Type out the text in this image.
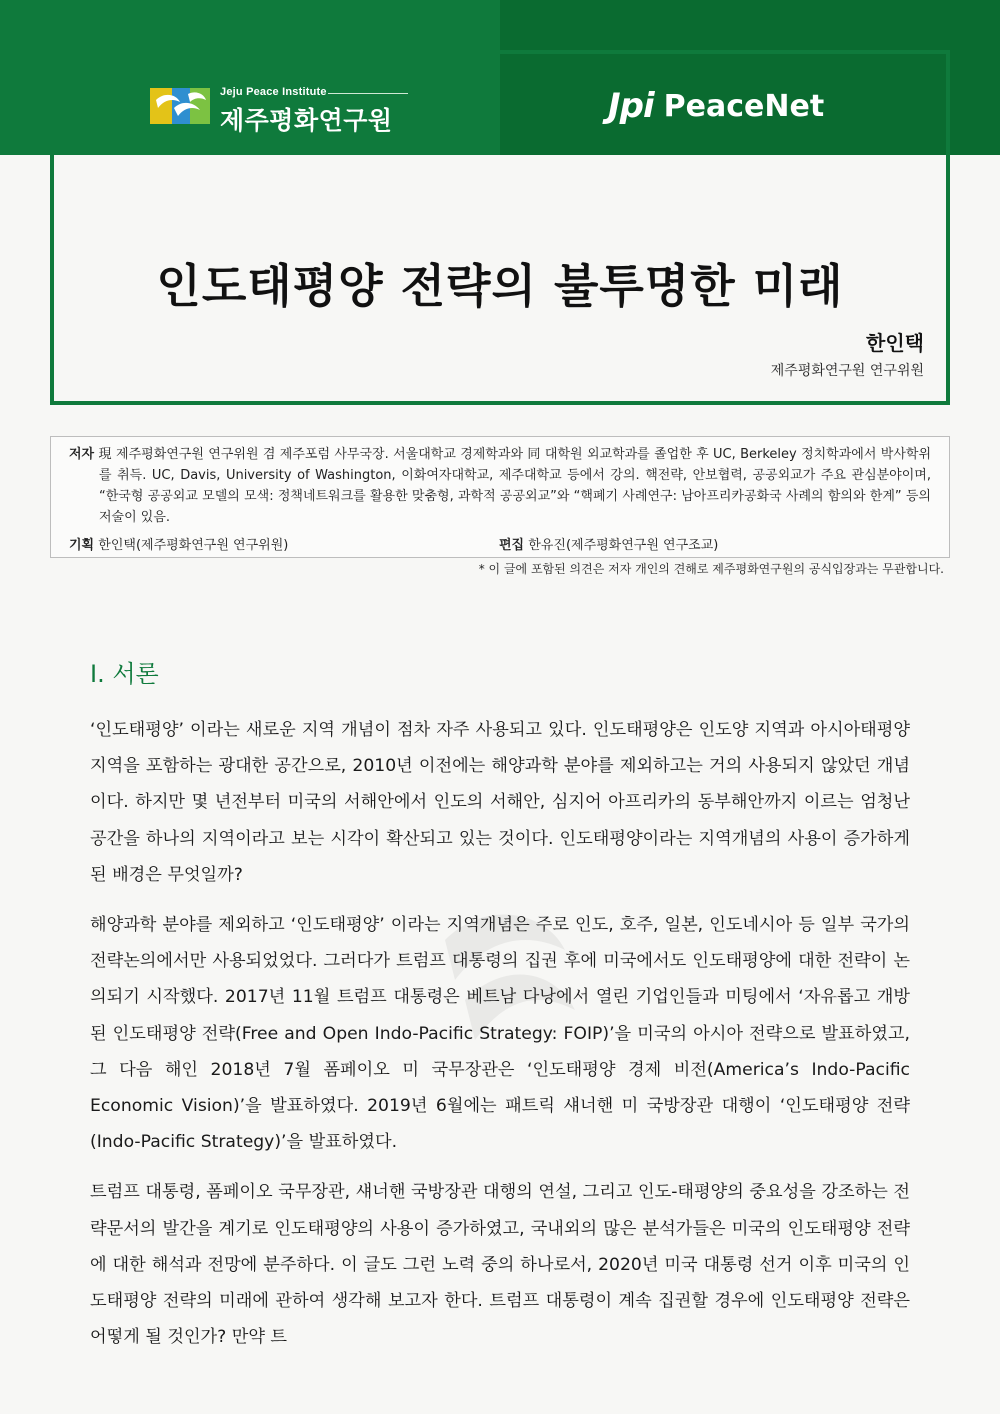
Jeju Peace Institute
제주평화연구원	Jpi PeaceNet
인도태평양 전략의 불투명한 미래
한인택
제주평화연구원 연구위원
저자 現 제주평화연구원 연구위원 겸 제주포럼 사무국장. 서울대학교 경제학과와 同 대학원 외교학과를 졸업한 후 UC, Berkeley 정치학과에서 박사학위를 취득. UC, Davis, University of Washington, 이화여자대학교, 제주대학교 등에서 강의. 핵전략, 안보협력, 공공외교가 주요 관심분야이며, “한국형 공공외교 모델의 모색: 정책네트워크를 활용한 맞춤형, 과학적 공공외교”와 “핵폐기 사례연구: 남아프리카공화국 사례의 함의와 한계” 등의 저술이 있음.
기획 한인택(제주평화연구원 연구위원)	편집 한유진(제주평화연구원 연구조교)
* 이 글에 포함된 의견은 저자 개인의 견해로 제주평화연구원의 공식입장과는 무관합니다.
I. 서론

‘인도태평양’ 이라는 새로운 지역 개념이 점차 자주 사용되고 있다. 인도태평양은 인도양 지역과 아시아태평양 지역을 포함하는 광대한 공간으로, 2010년 이전에는 해양과학 분야를 제외하고는 거의 사용되지 않았던 개념이다. 하지만 몇 년전부터 미국의 서해안에서 인도의 서해안, 심지어 아프리카의 동부해안까지 이르는 엄청난 공간을 하나의 지역이라고 보는 시각이 확산되고 있는 것이다. 인도태평양이라는 지역개념의 사용이 증가하게 된 배경은 무엇일까?

해양과학 분야를 제외하고 ‘인도태평양’ 이라는 지역개념은 주로 인도, 호주, 일본, 인도네시아 등 일부 국가의 전략논의에서만 사용되었었다. 그러다가 트럼프 대통령의 집권 후에 미국에서도 인도태평양에 대한 전략이 논의되기 시작했다. 2017년 11월 트럼프 대통령은 베트남 다낭에서 열린 기업인들과 미팅에서 ‘자유롭고 개방된 인도태평양 전략(Free and Open Indo-Pacific Strategy: FOIP)’을 미국의 아시아 전략으로 발표하였고, 그 다음 해인 2018년 7월 폼페이오 미 국무장관은 ‘인도태평양 경제 비전(America’s Indo-Pacific Economic Vision)’을 발표하였다. 2019년 6월에는 패트릭 섀너핸 미 국방장관 대행이 ‘인도태평양 전략(Indo-Pacific Strategy)’을 발표하였다.

트럼프 대통령, 폼페이오 국무장관, 섀너핸 국방장관 대행의 연설, 그리고 인도-태평양의 중요성을 강조하는 전략문서의 발간을 계기로 인도태평양의 사용이 증가하였고, 국내외의 많은 분석가들은 미국의 인도태평양 전략에 대한 해석과 전망에 분주하다. 이 글도 그런 노력 중의 하나로서, 2020년 미국 대통령 선거 이후 미국의 인도태평양 전략의 미래에 관하여 생각해 보고자 한다. 트럼프 대통령이 계속 집권할 경우에 인도태평양 전략은 어떻게 될 것인가? 만약 트
